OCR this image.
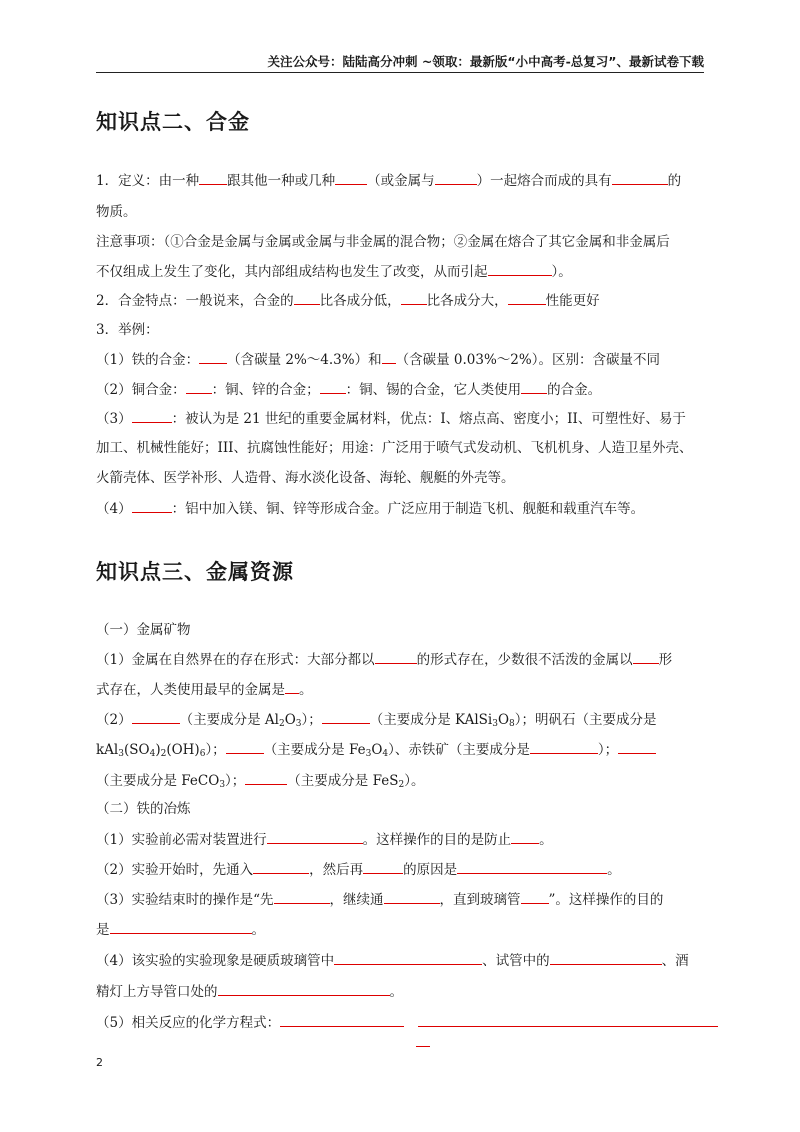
关注公众号：陆陆高分冲刺 ~领取：最新版“小中高考-总复习”、最新试卷下载
知识点二、合金
1．定义：由一种 跟其他一种或几种 （或金属与	）一起熔合而成的具有	的
物质。
注意事项：（①合金是金属与金属或金属与非金属的混合物；②金属在熔合了其它金属和非金属后
不仅组成上发生了变化，其内部组成结构也发生了改变，从而引起	）。
2．合金特点：一般说来，合金的 比各成分低， 比各成分大，	性能更好
3．举例：
（1）铁的合金： （含碳量 2%～4.3%）和 （含碳量 0.03%～2%）。区别：含碳量不同
（2）铜合金： ：铜、锌的合金； ：铜、锡的合金，它人类使用 的合金。
（3）	：被认为是 21 世纪的重要金属材料，优点：I、熔点高、密度小；II、可塑性好、易于
加工、机械性能好；III、抗腐蚀性能好；用途：广泛用于喷气式发动机、飞机机身、人造卫星外壳、
火箭壳体、医学补形、人造骨、海水淡化设备、海轮、舰艇的外壳等。
（4）	：铝中加入镁、铜、锌等形成合金。广泛应用于制造飞机、舰艇和载重汽车等。
知识点三、金属资源
（一）金属矿物
（1）金属在自然界在的存在形式：大部分都以	的形式存在，少数很不活泼的金属以 形
式存在，人类使用最早的金属是 。
（2）	（主要成分是 $Al_2O_3$）；	（主要成分是 $KAlSi_3O_8$）；明矾石（主要成分是
$kAl_3(SO_4)_2(OH)_6$）；	（主要成分是 $Fe_3O_4$）、赤铁矿（主要成分是	）；
（主要成分是 FeCO$_3$）；	（主要成分是 FeS$_2$）。
（二）铁的冶炼
（1）实验前必需对装置进行	。这样操作的目的是防止 。
（2）实验开始时，先通入	，然后再	的原因是	。
（3）实验结束时的操作是“先	，继续通	，直到玻璃管 ”。这样操作的目的
是	。
（4）该实验的实验现象是硬质玻璃管中	、试管中的	、酒
精灯上方导管口处的	。
（5）相关反应的化学方程式：
2
